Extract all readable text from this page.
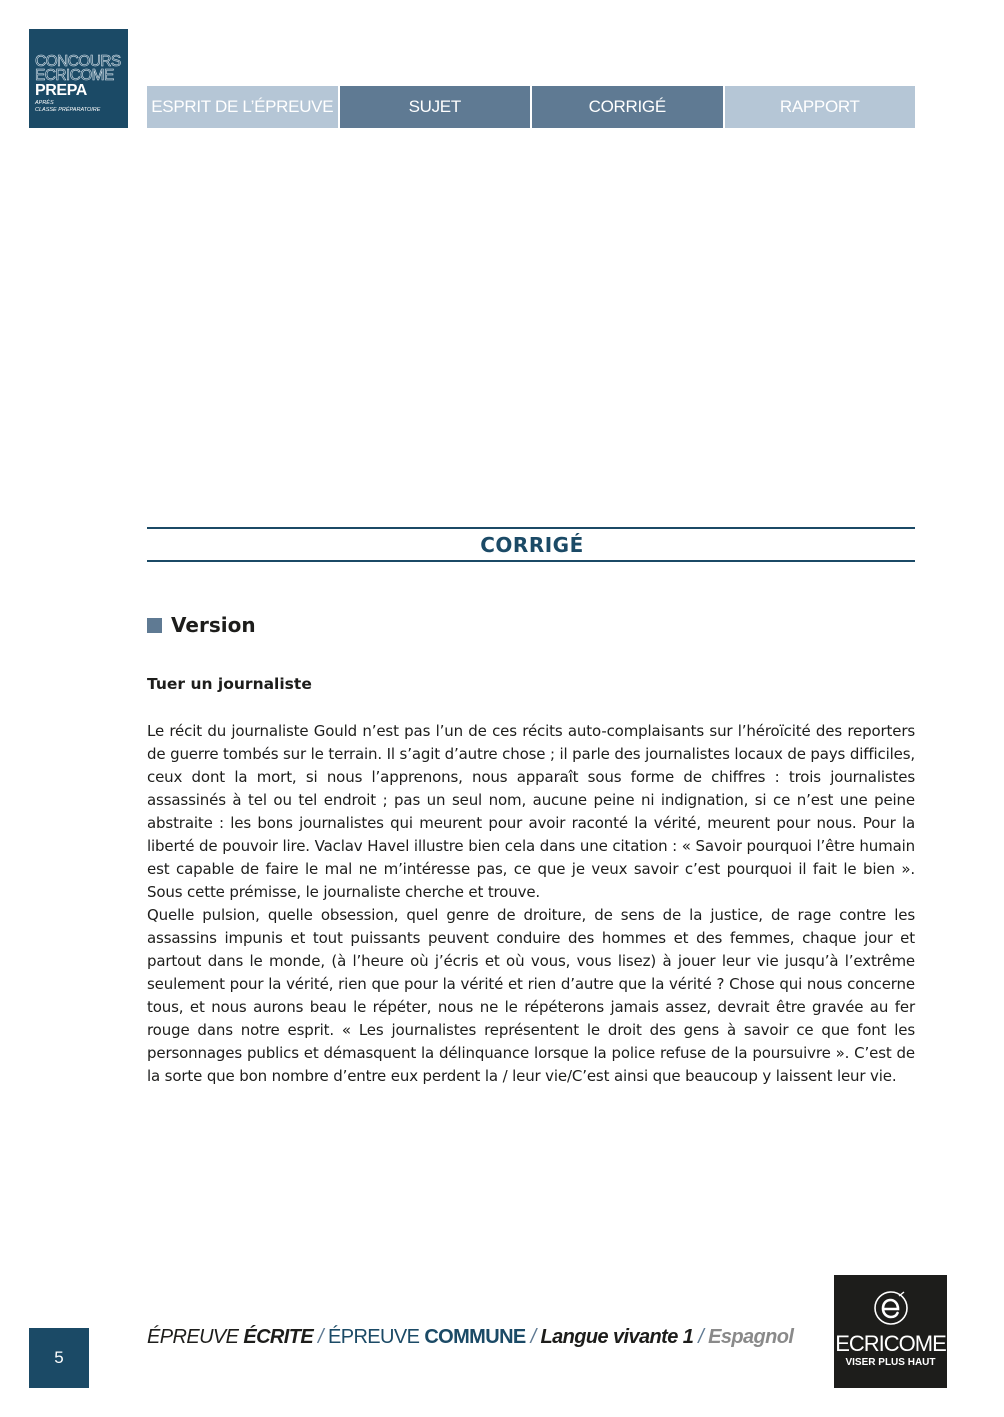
CONCOURS
ECRICOME
PREPA
APRÈS
CLASSE PRÉPARATOIRE	ESPRIT DE L’ÉPREUVE	SUJET	CORRIGÉ	RAPPORT
CORRIGÉ
Version
Tuer un journaliste

Le récit du journaliste Gould n’est pas l’un de ces récits auto-complaisants sur l’héroïcité des reporters de guerre tombés sur le terrain. Il s’agit d’autre chose ; il parle des journalistes locaux de pays difficiles, ceux dont la mort, si nous l’apprenons, nous apparaît sous forme de chiffres : trois journalistes assassinés à tel ou tel endroit ; pas un seul nom, aucune peine ni indignation, si ce n’est une peine abstraite : les bons journalistes qui meurent pour avoir raconté la vérité, meurent pour nous. Pour la liberté de pouvoir lire. Vaclav Havel illustre bien cela dans une citation : « Savoir pourquoi l’être humain est capable de faire le mal ne m’intéresse pas, ce que je veux savoir c’est pourquoi il fait le bien ». Sous cette prémisse, le journaliste cherche et trouve.

Quelle pulsion, quelle obsession, quel genre de droiture, de sens de la justice, de rage contre les assassins impunis et tout puissants peuvent conduire des hommes et des femmes, chaque jour et partout dans le monde, (à l’heure où j’écris et où vous, vous lisez) à jouer leur vie jusqu’à l’extrême seulement pour la vérité, rien que pour la vérité et rien d’autre que la vérité ? Chose qui nous concerne tous, et nous aurons beau le répéter, nous ne le répéterons jamais assez, devrait être gravée au fer rouge dans notre esprit. « Les journalistes représentent le droit des gens à savoir ce que font les personnages publics et démasquent la délinquance lorsque la police refuse de la poursuivre ». C’est de la sorte que bon nombre d’entre eux perdent la / leur vie/C’est ainsi que beaucoup y laissent leur vie.

5
ÉPREUVE ÉCRITE / ÉPREUVE COMMUNE / Langue vivante 1 / Espagnol ECRICOME
VISER PLUS HAUT
